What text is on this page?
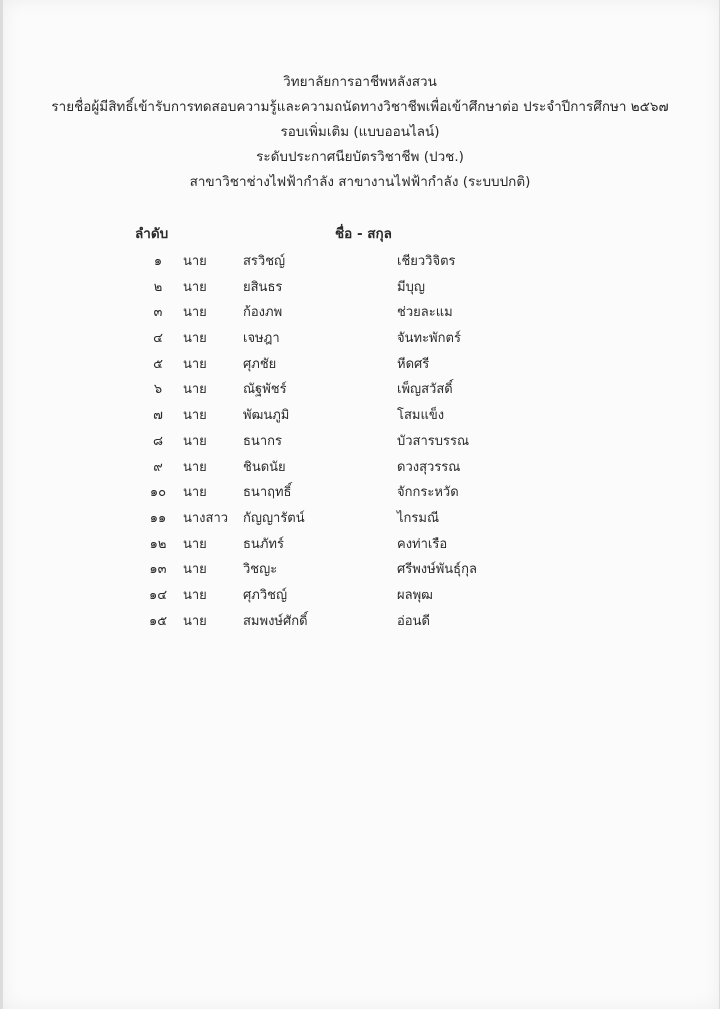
วิทยาลัยการอาชีพหลังสวน
รายชื่อผู้มีสิทธิ์เข้ารับการทดสอบความรู้และความถนัดทางวิชาชีพเพื่อเข้าศึกษาต่อ ประจำปีการศึกษา ๒๕๖๗
รอบเพิ่มเติม (แบบออนไลน์)
ระดับประกาศนียบัตรวิชาชีพ (ปวช.)
สาขาวิชาช่างไฟฟ้ากำลัง สาขางานไฟฟ้ากำลัง (ระบบปกติ)
ลำดับ	ชื่อ - สกุล
๑	นาย	สรวิชญ์	เชียววิจิตร
๒	นาย	ยสินธร	มีบุญ
๓	นาย	ก้องภพ	ช่วยละแม
๔	นาย	เจษฎา	จันทะพักตร์
๕	นาย	ศุภชัย	หีดศรี
๖	นาย	ณัฐพัชร์	เพ็ญสวัสดิ์
๗	นาย	พัฒนภูมิ	โสมแข็ง
๘	นาย	ธนากร	บัวสารบรรณ
๙	นาย	ชินดนัย	ดวงสุวรรณ
๑๐	นาย	ธนาฤทธิ์	จักกระหวัด
๑๑	นางสาว กัญญารัตน์	ไกรมณี
๑๒	นาย	ธนภัทร์	คงท่าเรือ
๑๓	นาย	วิชญะ	ศรีพงษ์พันธุ์กุล
๑๔	นาย	ศุภวิชญ์	ผลพุฒ
๑๕	นาย	สมพงษ์ศักดิ์	อ่อนดี
